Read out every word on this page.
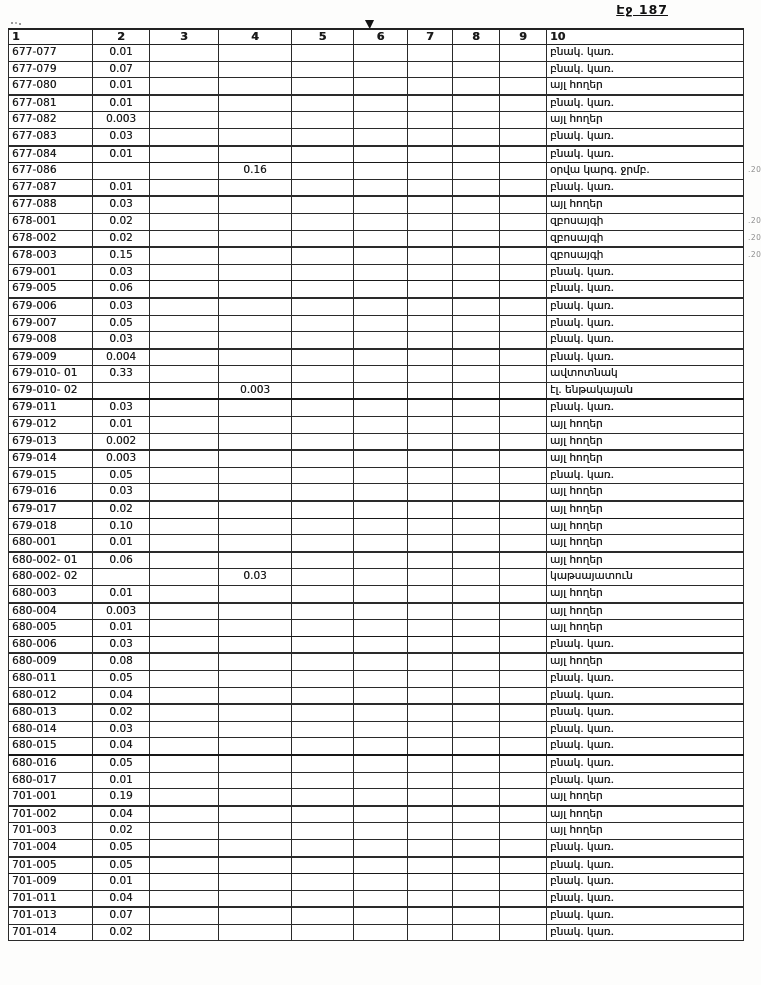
Էջ 187
1	2	3	4	5	6	7	8	9	10
677-077	0.01								բնակ. կառ.
677-079	0.07								բնակ. կառ.
677-080	0.01								այլ հողեր
677-081	0.01								բնակ. կառ.
677-082	0.003								այլ հողեր
677-083	0.03								բնակ. կառ.
677-084	0.01								բնակ. կառ.
677-086			0.16						օրվա կարգ. ջրմբ. .20

677-087	0.01								բնակ. կառ.
677-088	0.03								այլ հողեր
678-001	0.02								զբոսայգի .20

678-002	0.02								զբոսայգի .20

678-003	0.15								զբոսայգի .20

679-001	0.03								բնակ. կառ.
679-005	0.06								բնակ. կառ.
679-006	0.03								բնակ. կառ.
679-007	0.05								բնակ. կառ.
679-008	0.03								բնակ. կառ.
679-009	0.004								բնակ. կառ.
679-010- 01	0.33								ավտոտնակ
679-010- 02			0.003						էլ. ենթակայան
679-011	0.03								բնակ. կառ.
679-012	0.01								այլ հողեր
679-013	0.002								այլ հողեր
679-014	0.003								այլ հողեր
679-015	0.05								բնակ. կառ.
679-016	0.03								այլ հողեր
679-017	0.02								այլ հողեր
679-018	0.10								այլ հողեր
680-001	0.01								այլ հողեր
680-002- 01	0.06								այլ հողեր
680-002- 02			0.03						կաթսայատուն
680-003	0.01								այլ հողեր
680-004	0.003								այլ հողեր
680-005	0.01								այլ հողեր
680-006	0.03								բնակ. կառ.
680-009	0.08								այլ հողեր
680-011	0.05								բնակ. կառ.
680-012	0.04								բնակ. կառ.
680-013	0.02								բնակ. կառ.
680-014	0.03								բնակ. կառ.
680-015	0.04								բնակ. կառ.
680-016	0.05								բնակ. կառ.
680-017	0.01								բնակ. կառ.
701-001	0.19								այլ հողեր
701-002	0.04								այլ հողեր
701-003	0.02								այլ հողեր
701-004	0.05								բնակ. կառ.
701-005	0.05								բնակ. կառ.
701-009	0.01								բնակ. կառ.
701-011	0.04								բնակ. կառ.
701-013	0.07								բնակ. կառ.
701-014	0.02								բնակ. կառ.
